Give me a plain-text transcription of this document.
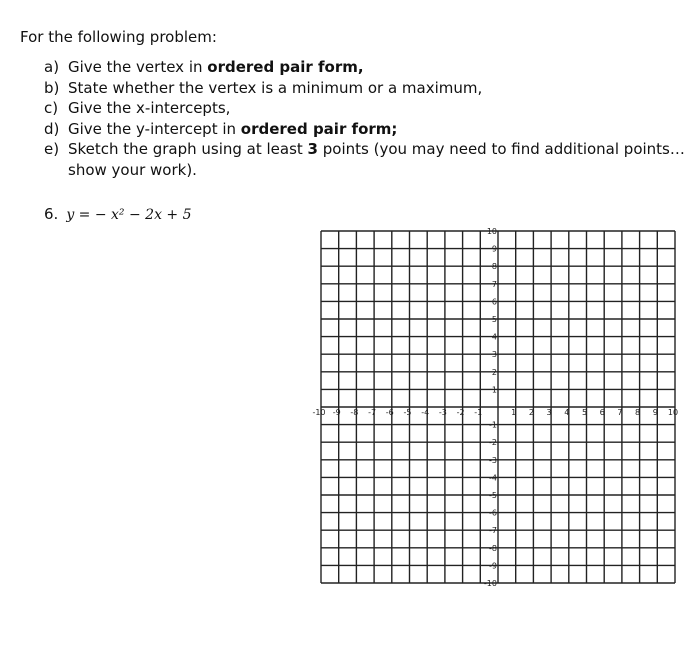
For the following problem:

a) Give the vertex in ordered pair form,
b) State whether the vertex is a minimum or a maximum,
c) Give the x-intercepts,
d) Give the y-intercept in ordered pair form;
e) Sketch the graph using at least 3 points (you may need to find additional points… show your work).
6. y = − x² − 2x + 5
-10 -9 -8 -7 -6 -5 -4 -3 -2 -1	1 2 3 4 5 6 7 8 9 10
10
9
8
7
6
5
4
3
2
1
-1
-2
-3
-4
-5
-6
-7
-8
-9
-10
